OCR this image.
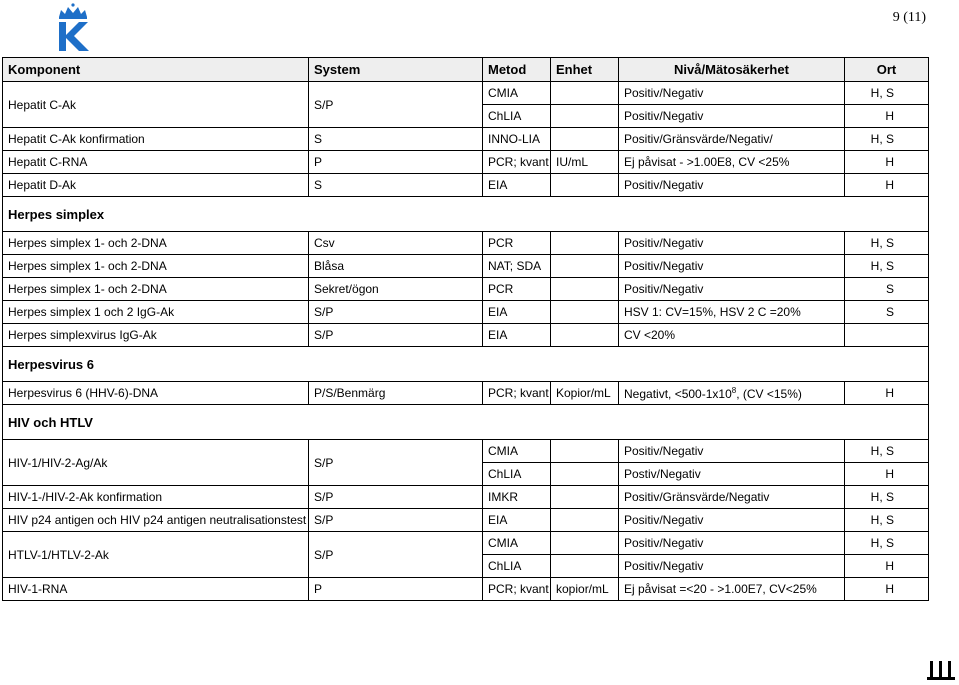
9 (11)
Komponent	System	Metod	Enhet	Nivå/Mätosäkerhet	Ort
Hepatit C-Ak	S/P	CMIA		Positiv/Negativ	H, S
		ChLIA		Positiv/Negativ	H
Hepatit C-Ak konfirmation	S	INNO-LIA		Positiv/Gränsvärde/Negativ/	H, S
Hepatit C-RNA	P	PCR; kvant	IU/mL	Ej påvisat - >1.00E8, CV <25%	H
Hepatit D-Ak	S	EIA		Positiv/Negativ	H
Herpes simplex					
Herpes simplex 1- och 2-DNA	Csv	PCR		Positiv/Negativ	H, S
Herpes simplex 1- och 2-DNA	Blåsa	NAT; SDA		Positiv/Negativ	H, S
Herpes simplex 1- och 2-DNA	Sekret/ögon	PCR		Positiv/Negativ	S
Herpes simplex 1 och 2 IgG-Ak	S/P	EIA		HSV 1: CV=15%, HSV 2 C =20%	S
Herpes simplexvirus IgG-Ak	S/P	EIA		CV <20%	
Herpesvirus 6					
Herpesvirus 6 (HHV-6)-DNA	P/S/Benmärg	PCR; kvant	Kopior/mL	Negativt, $<500-1x10^8$, (CV <15%)	H
HIV och HTLV					
HIV-1/HIV-2-Ag/Ak	S/P	CMIA		Positiv/Negativ	H, S
		ChLIA		Postiv/Negativ	H
HIV-1-/HIV-2-Ak konfirmation	S/P	IMKR		Positiv/Gränsvärde/Negativ	H, S
HIV p24 antigen och HIV p24 antigen neutralisationstest	S/P	EIA		Positiv/Negativ	H, S
HTLV-1/HTLV-2-Ak	S/P	CMIA		Positiv/Negativ	H, S
		ChLIA		Positiv/Negativ	H
HIV-1-RNA	P	PCR; kvant	kopior/mL	Ej påvisat =<20 - >1.00E7, CV<25%	H
